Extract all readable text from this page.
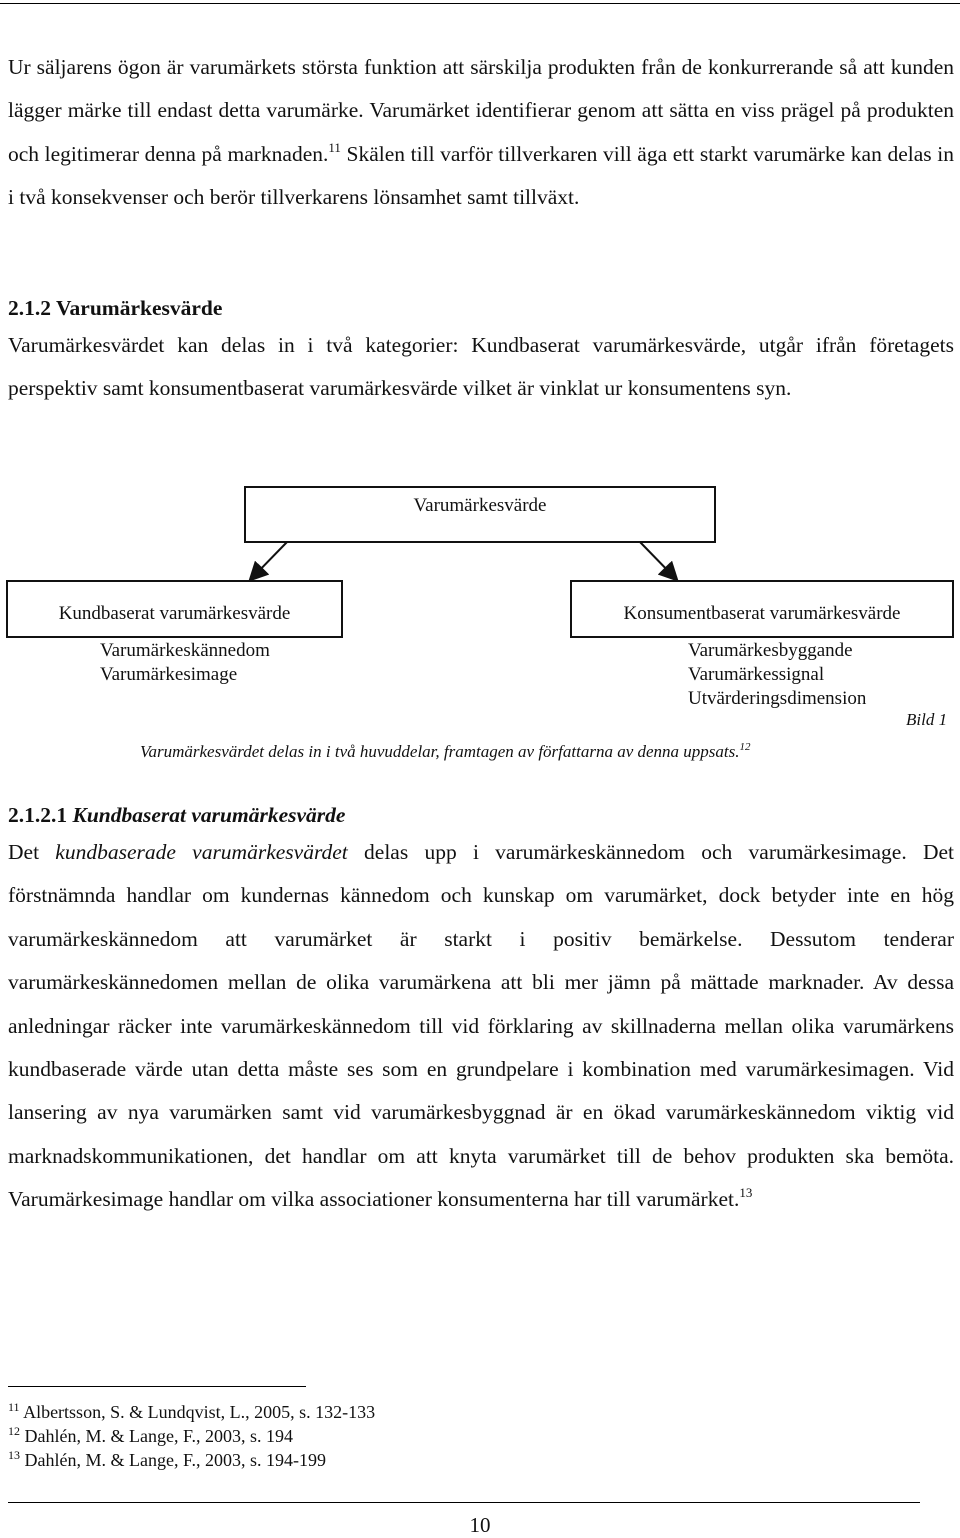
Ur säljarens ögon är varumärkets största funktion att särskilja produkten från de konkurrerande så att kunden lägger märke till endast detta varumärke. Varumärket identifierar genom att sätta en viss prägel på produkten och legitimerar denna på marknaden.$^{11}$ Skälen till varför tillverkaren vill äga ett starkt varumärke kan delas in i två konsekvenser och berör tillverkarens lönsamhet samt tillväxt.

2.1.2 Varumärkesvärde

Varumärkesvärdet kan delas in i två kategorier: Kundbaserat varumärkesvärde, utgår ifrån företagets perspektiv samt konsumentbaserat varumärkesvärde vilket är vinklat ur konsumentens syn.

Varumärkesvärde
Kundbaserat varumärkesvärde	Konsumentbaserat varumärkesvärde
Varumärkeskännedom
Varumärkesimage
Varumärkesbyggande
Varumärkessignal
Utvärderingsdimension
Bild 1
Varumärkesvärdet delas in i två huvuddelar, framtagen av författarna av denna uppsats.$^{12}$
2.1.2.1 Kundbaserat varumärkesvärde

Det kundbaserade varumärkesvärdet delas upp i varumärkeskännedom och varumärkesimage. Det förstnämnda handlar om kundernas kännedom och kunskap om varumärket, dock betyder inte en hög varumärkeskännedom att varumärket är starkt i positiv bemärkelse. Dessutom tenderar varumärkeskännedomen mellan de olika varumärkena att bli mer jämn på mättade marknader. Av dessa anledningar räcker inte varumärkeskännedom till vid förklaring av skillnaderna mellan olika varumärkens kundbaserade värde utan detta måste ses som en grundpelare i kombination med varumärkesimagen. Vid lansering av nya varumärken samt vid varumärkesbyggnad är en ökad varumärkeskännedom viktig vid marknadskommunikationen, det handlar om att knyta varumärket till de behov produkten ska bemöta. Varumärkesimage handlar om vilka associationer konsumenterna har till varumärket.$^{13}$

$^{11}$ Albertsson, S. & Lundqvist, L., 2005, s. 132-133
$^{12}$ Dahlén, M. & Lange, F., 2003, s. 194
$^{13}$ Dahlén, M. & Lange, F., 2003, s. 194-199
10
